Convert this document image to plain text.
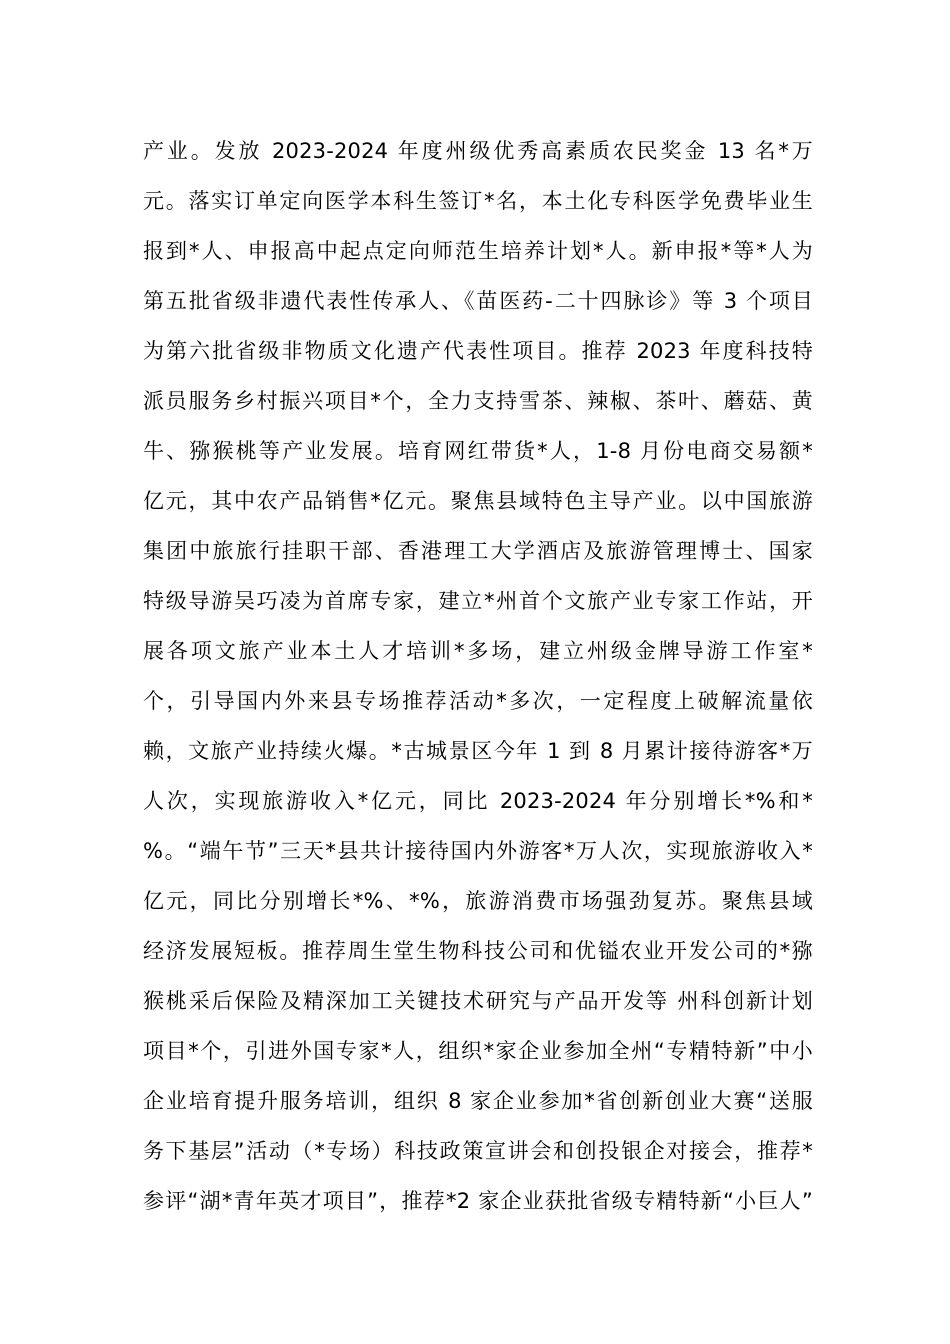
产业。发放 2023-2024 年度州级优秀高素质农民奖金 13 名*万
元。落实订单定向医学本科生签订*名，本土化专科医学免费毕业生
报到*人、申报高中起点定向师范生培养计划*人。新申报*等*人为
第五批省级非遗代表性传承人、《苗医药-二十四脉诊》等 3 个项目
为第六批省级非物质文化遗产代表性项目。推荐 2023 年度科技特
派员服务乡村振兴项目*个，全力支持雪茶、辣椒、茶叶、蘑菇、黄
牛、猕猴桃等产业发展。培育网红带货*人，1-8 月份电商交易额*
亿元，其中农产品销售*亿元。聚焦县域特色主导产业。以中国旅游
集团中旅旅行挂职干部、香港理工大学酒店及旅游管理博士、国家
特级导游吴巧凌为首席专家，建立*州首个文旅产业专家工作站，开
展各项文旅产业本土人才培训*多场，建立州级金牌导游工作室*
个，引导国内外来县专场推荐活动*多次，一定程度上破解流量依
赖，文旅产业持续火爆。*古城景区今年 1 到 8 月累计接待游客*万
人次，实现旅游收入*亿元，同比 2023-2024 年分别增长*%和*
%。“端午节”三天*县共计接待国内外游客*万人次，实现旅游收入*
亿元，同比分别增长*%、*%，旅游消费市场强劲复苏。聚焦县域
经济发展短板。推荐周生堂生物科技公司和优镒农业开发公司的*猕
猴桃采后保险及精深加工关键技术研究与产品开发等 州科创新计划
项目*个，引进外国专家*人，组织*家企业参加全州“专精特新”中小
企业培育提升服务培训，组织 8 家企业参加*省创新创业大赛“送服
务下基层”活动（*专场）科技政策宣讲会和创投银企对接会，推荐*
参评“湖*青年英才项目”，推荐*2 家企业获批省级专精特新“小巨人”
